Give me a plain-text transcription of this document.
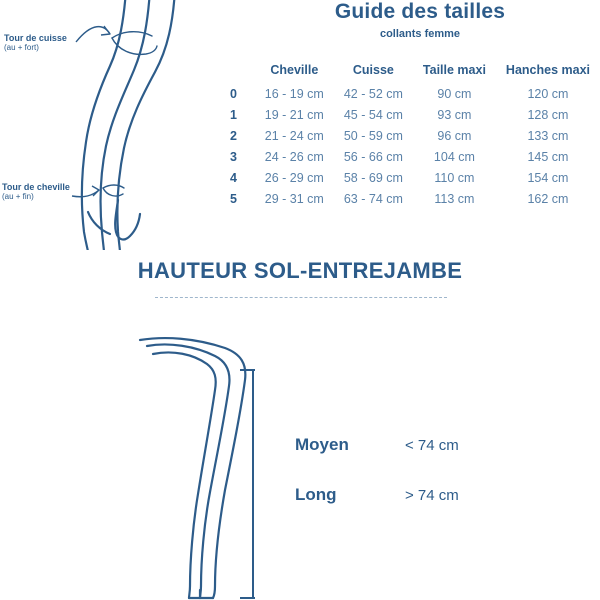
Tour de cuisse
(au + fort)
Tour de cheville
(au + fin)
Guide des tailles
collants femme
	Cheville	Cuisse	Taille maxi	Hanches maxi
0	16 - 19 cm	42 - 52 cm	90 cm	120 cm
1	19 - 21 cm	45 - 54 cm	93 cm	128 cm
2	21 - 24 cm	50 - 59 cm	96 cm	133 cm
3	24 - 26 cm	56 - 66 cm	104 cm	145 cm
4	26 - 29 cm	58 - 69 cm	110 cm	154 cm
5	29 - 31 cm	63 - 74 cm	113 cm	162 cm
HAUTEUR SOL-ENTREJAMBE
Moyen	< 74 cm
Long	> 74 cm
